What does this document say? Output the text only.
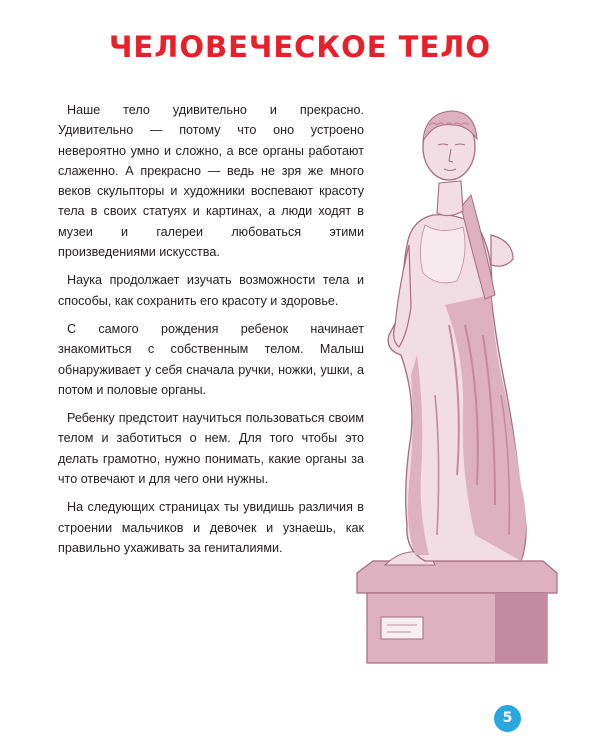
ЧЕЛОВЕЧЕСКОЕ ТЕЛО

Наше тело удивительно и прекрасно. Удивительно — потому что оно устроено невероятно умно и сложно, а все органы работают слаженно. А прекрасно — ведь не зря же много веков скульпторы и художники воспевают красоту тела в своих статуях и картинах, а люди ходят в музеи и галереи любоваться этими произведениями искусства.

Наука продолжает изучать возможности тела и способы, как сохранить его красоту и здоровье.

С самого рождения ребенок начинает знакомиться с собственным телом. Малыш обнаруживает у себя сначала ручки, ножки, ушки, а потом и половые органы.

Ребенку предстоит научиться пользоваться своим телом и заботиться о нем. Для того чтобы это делать грамотно, нужно понимать, какие органы за что отвечают и для чего они нужны.

На следующих страницах ты увидишь различия в строении мальчиков и девочек и узнаешь, как правильно ухаживать за гениталиями.

5
